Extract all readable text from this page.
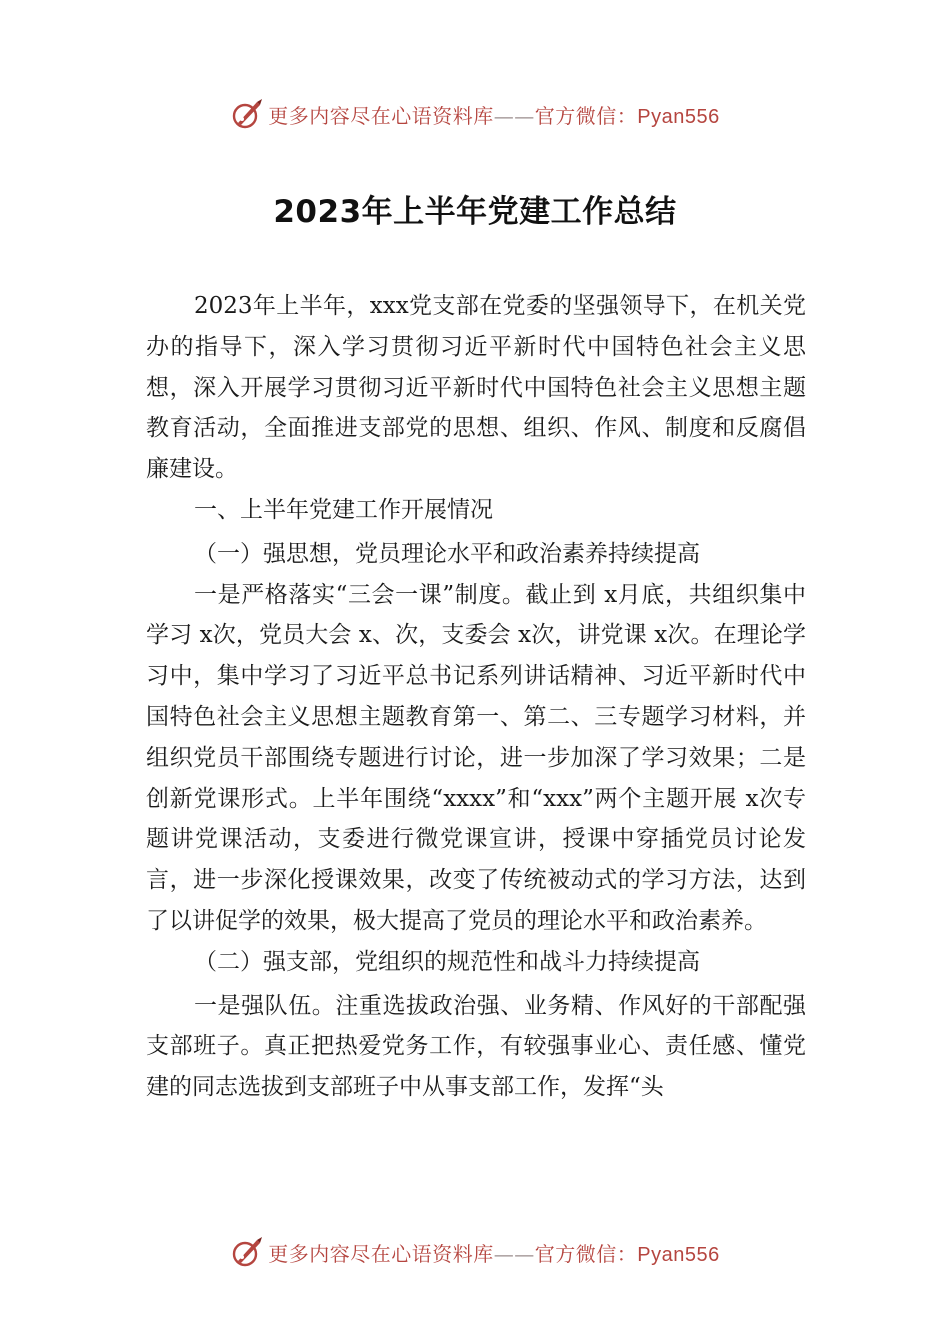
更多内容尽在心语资料库——官方微信：Pyan556
2023年上半年党建工作总结

2023年上半年，xxx党支部在党委的坚强领导下，在机关党办的指导下，深入学习贯彻习近平新时代中国特色社会主义思想，深入开展学习贯彻习近平新时代中国特色社会主义思想主题教育活动，全面推进支部党的思想、组织、作风、制度和反腐倡廉建设。

一、上半年党建工作开展情况

（一）强思想，党员理论水平和政治素养持续提高

一是严格落实“三会一课”制度。截止到 x月底，共组织集中学习 x次，党员大会 x、次，支委会 x次，讲党课 x次。在理论学习中，集中学习了习近平总书记系列讲话精神、习近平新时代中国特色社会主义思想主题教育第一、第二、三专题学习材料，并组织党员干部围绕专题进行讨论，进一步加深了学习效果；二是创新党课形式。上半年围绕“xxxx”和“xxx”两个主题开展 x次专题讲党课活动，支委进行微党课宣讲，授课中穿插党员讨论发言，进一步深化授课效果，改变了传统被动式的学习方法，达到了以讲促学的效果，极大提高了党员的理论水平和政治素养。

（二）强支部，党组织的规范性和战斗力持续提高

一是强队伍。注重选拔政治强、业务精、作风好的干部配强支部班子。真正把热爱党务工作，有较强事业心、责任感、懂党建的同志选拔到支部班子中从事支部工作，发挥“头

更多内容尽在心语资料库——官方微信：Pyan556
